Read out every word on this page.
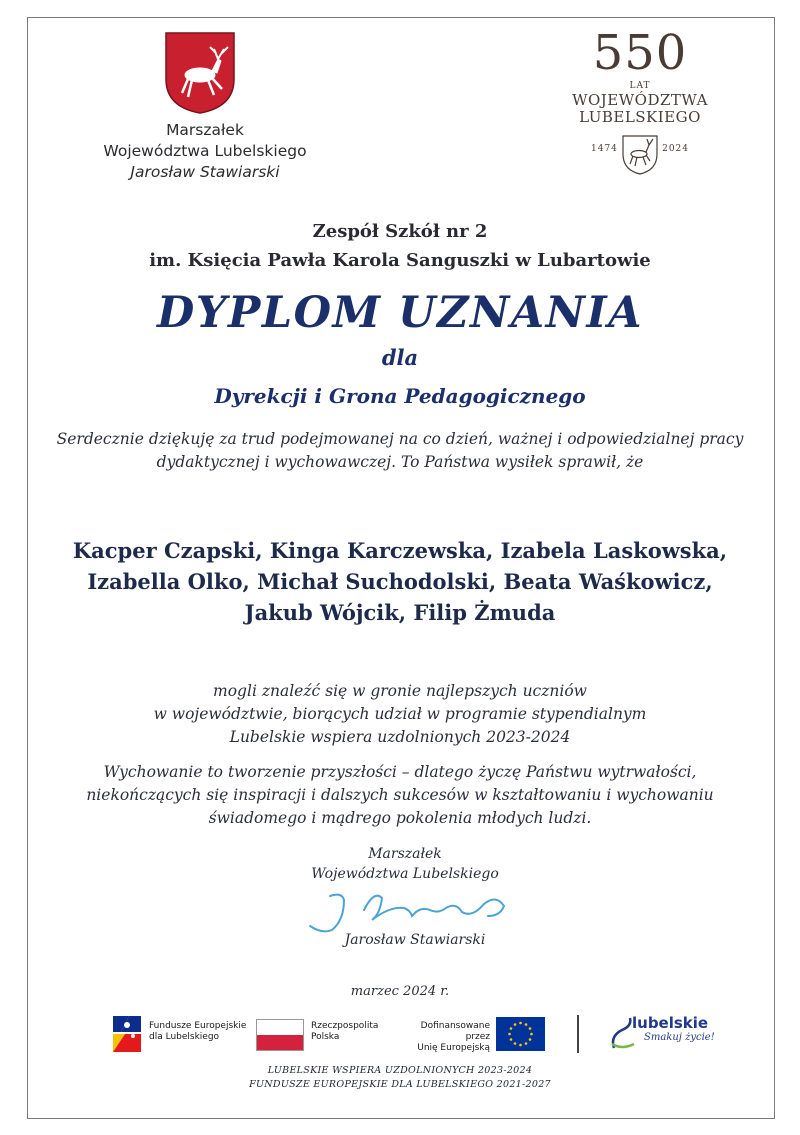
Marszałek
Województwa Lubelskiego
Jarosław Stawiarski
550
LAT
WOJEWÓDZTWA
LUBELSKIEGO
1474	2024
Zespół Szkół nr 2
im. Księcia Pawła Karola Sanguszki w Lubartowie
DYPLOM UZNANIA
dla
Dyrekcji i Grona Pedagogicznego
Serdecznie dziękuję za trud podejmowanej na co dzień, ważnej i odpowiedzialnej pracy
dydaktycznej i wychowawczej. To Państwa wysiłek sprawił, że
Kacper Czapski, Kinga Karczewska, Izabela Laskowska,
Izabella Olko, Michał Suchodolski, Beata Waśkowicz,
Jakub Wójcik, Filip Żmuda
mogli znaleźć się w gronie najlepszych uczniów
w województwie, biorących udział w programie stypendialnym
Lubelskie wspiera uzdolnionych 2023-2024
Wychowanie to tworzenie przyszłości – dlatego życzę Państwu wytrwałości,
niekończących się inspiracji i dalszych sukcesów w kształtowaniu i wychowaniu
świadomego i mądrego pokolenia młodych ludzi.
Marszałek
Województwa Lubelskiego
Jarosław Stawiarski
marzec 2024 r.
Fundusze Europejskie
dla Lubelskiego
Rzeczpospolita
Polska
Dofinansowane przez
Unię Europejską
lubelskie
Smakuj życie!
LUBELSKIE WSPIERA UZDOLNIONYCH 2023-2024
FUNDUSZE EUROPEJSKIE DLA LUBELSKIEGO 2021-2027
